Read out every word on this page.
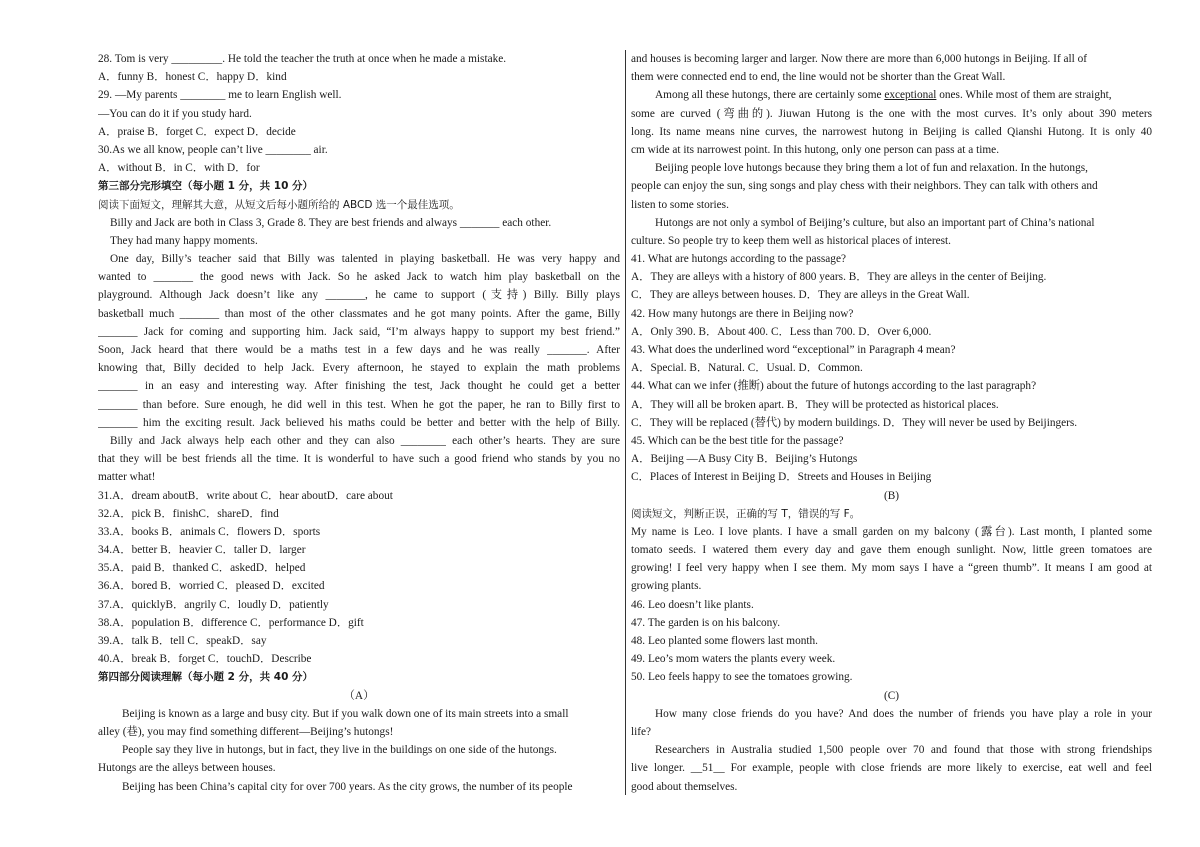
28. Tom is very _________. He told the teacher the truth at once when he made a mistake.
A．funny B．honest C．happy D．kind
29. —My parents ________ me to learn English well.
—You can do it if you study hard.
A．praise B．forget C．expect D．decide
30.As we all know, people can’t live ________ air.
A．without B．in C．with D．for
第三部分完形填空（每小题 1 分，共 10 分）
阅读下面短文，理解其大意，从短文后每小题所给的 ABCD 选一个最佳选项。
Billy and Jack are both in Class 3, Grade 8. They are best friends and always _______ each other.
They had many happy moments.
One day, Billy’s teacher said that Billy was talented in playing basketball. He was very happy and
wanted to _______ the good news with Jack. So he asked Jack to watch him play basketball on the
playground. Although Jack doesn’t like any _______, he came to support (支持) Billy. Billy plays
basketball much _______ than most of the other classmates and he got many points. After the game, Billy
_______ Jack for coming and supporting him. Jack said, “I’m always happy to support my best friend.”
Soon, Jack heard that there would be a maths test in a few days and he was really _______. After
knowing that, Billy decided to help Jack. Every afternoon, he stayed to explain the math problems
_______ in an easy and interesting way. After finishing the test, Jack thought he could get a better
_______ than before. Sure enough, he did well in this test. When he got the paper, he ran to Billy first to
_______ him the exciting result. Jack believed his maths could be better and better with the help of Billy.
Billy and Jack always help each other and they can also ________ each other’s hearts. They are sure
that they will be best friends all the time. It is wonderful to have such a good friend who stands by you no
matter what!
31.A．dream aboutB．write about C．hear aboutD．care about
32.A．pick B．finishC．shareD．find
33.A．books B．animals C．flowers D．sports
34.A．better B．heavier C．taller D．larger
35.A．paid B．thanked C．askedD．helped
36.A．bored B．worried C．pleased D．excited
37.A．quicklyB．angrily C．loudly D．patiently
38.A．population B．difference C．performance D．gift
39.A．talk B．tell C．speakD．say
40.A．break B．forget C．touchD．Describe
第四部分阅读理解（每小题 2 分，共 40 分）
（A）
Beijing is known as a large and busy city. But if you walk down one of its main streets into a small
alley (巷), you may find something different—Beijing’s hutongs!
People say they live in hutongs, but in fact, they live in the buildings on one side of the hutongs.
Hutongs are the alleys between houses.
Beijing has been China’s capital city for over 700 years. As the city grows, the number of its people
and houses is becoming larger and larger. Now there are more than 6,000 hutongs in Beijing. If all of
them were connected end to end, the line would not be shorter than the Great Wall.
Among all these hutongs, there are certainly some exceptional ones. While most of them are straight,
some are curved (弯曲的). Jiuwan Hutong is the one with the most curves. It’s only about 390 meters
long. Its name means nine curves, the narrowest hutong in Beijing is called Qianshi Hutong. It is only 40
cm wide at its narrowest point. In this hutong, only one person can pass at a time.
Beijing people love hutongs because they bring them a lot of fun and relaxation. In the hutongs,
people can enjoy the sun, sing songs and play chess with their neighbors. They can talk with others and
listen to some stories.
Hutongs are not only a symbol of Beijing’s culture, but also an important part of China’s national
culture. So people try to keep them well as historical places of interest.
41. What are hutongs according to the passage?
A．They are alleys with a history of 800 years. B．They are alleys in the center of Beijing.
C．They are alleys between houses. D．They are alleys in the Great Wall.
42. How many hutongs are there in Beijing now?
A．Only 390. B．About 400. C．Less than 700. D．Over 6,000.
43. What does the underlined word “exceptional” in Paragraph 4 mean?
A．Special. B．Natural. C．Usual. D．Common.
44. What can we infer (推断) about the future of hutongs according to the last paragraph?
A．They will all be broken apart. B．They will be protected as historical places.
C．They will be replaced (替代) by modern buildings. D．They will never be used by Beijingers.
45. Which can be the best title for the passage?
A．Beijing —A Busy City B．Beijing’s Hutongs
C．Places of Interest in Beijing D．Streets and Houses in Beijing
(B)
阅读短文，判断正误，正确的写 T，错误的写 F。
My name is Leo. I love plants. I have a small garden on my balcony (露台). Last month, I planted some
tomato seeds. I watered them every day and gave them enough sunlight. Now, little green tomatoes are
growing! I feel very happy when I see them. My mom says I have a “green thumb”. It means I am good at
growing plants.
46. Leo doesn’t like plants.
47. The garden is on his balcony.
48. Leo planted some flowers last month.
49. Leo’s mom waters the plants every week.
50. Leo feels happy to see the tomatoes growing.
(C)
How many close friends do you have? And does the number of friends you have play a role in your
life?
Researchers in Australia studied 1,500 people over 70 and found that those with strong friendships
live longer. __51__ For example, people with close friends are more likely to exercise, eat well and feel
good about themselves.
